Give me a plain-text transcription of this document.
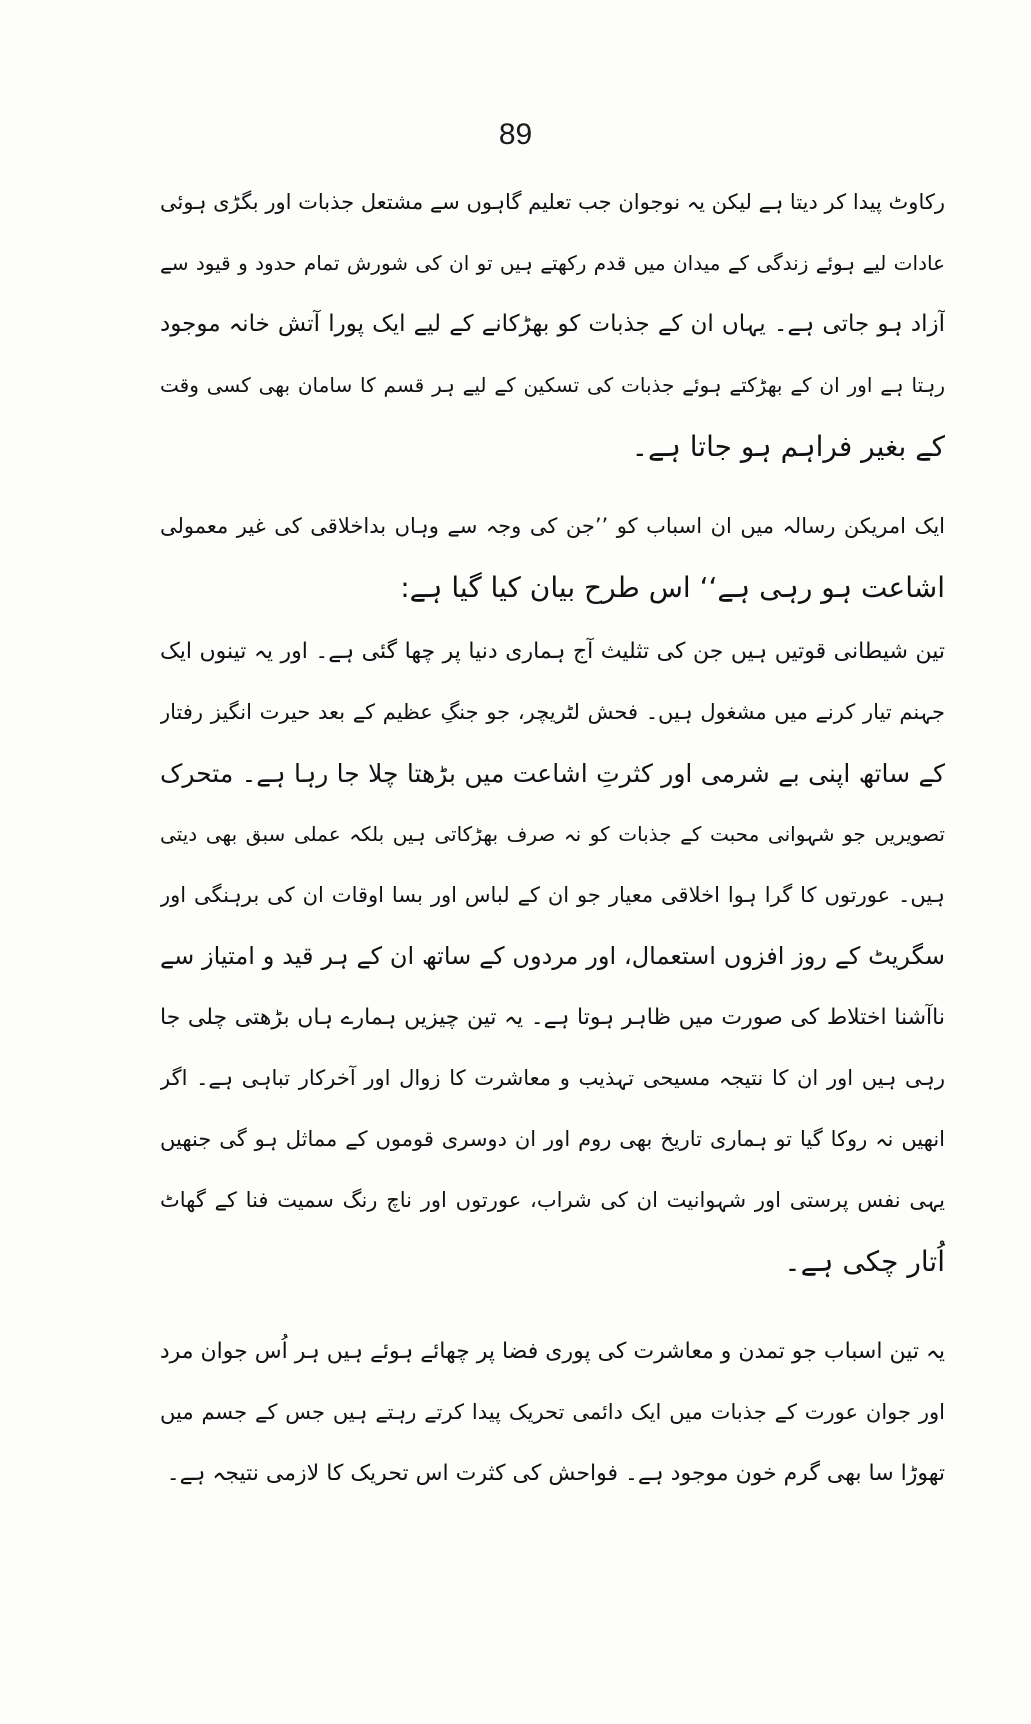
89
رکاوٹ پیدا کر دیتا ہے لیکن یہ نوجوان جب تعلیم گاہوں سے مشتعل جذبات اور بگڑی ہوئی
عادات لیے ہوئے زندگی کے میدان میں قدم رکھتے ہیں تو ان کی شورش تمام حدود و قیود سے
آزاد ہو جاتی ہے۔ یہاں ان کے جذبات کو بھڑکانے کے لیے ایک پورا آتش خانہ موجود
رہتا ہے اور ان کے بھڑکتے ہوئے جذبات کی تسکین کے لیے ہر قسم کا سامان بھی کسی وقت
کے بغیر فراہم ہو جاتا ہے۔
ایک امریکن رسالہ میں ان اسباب کو ’’جن کی وجہ سے وہاں بداخلاقی کی غیر معمولی
اشاعت ہو رہی ہے‘‘ اس طرح بیان کیا گیا ہے:
تین شیطانی قوتیں ہیں جن کی تثلیث آج ہماری دنیا پر چھا گئی ہے۔ اور یہ تینوں ایک
جہنم تیار کرنے میں مشغول ہیں۔ فحش لٹریچر، جو جنگِ عظیم کے بعد حیرت انگیز رفتار
کے ساتھ اپنی بے شرمی اور کثرتِ اشاعت میں بڑھتا چلا جا رہا ہے۔ متحرک
تصویریں جو شہوانی محبت کے جذبات کو نہ صرف بھڑکاتی ہیں بلکہ عملی سبق بھی دیتی
ہیں۔ عورتوں کا گرا ہوا اخلاقی معیار جو ان کے لباس اور بسا اوقات ان کی برہنگی اور
سگریٹ کے روز افزوں استعمال، اور مردوں کے ساتھ ان کے ہر قید و امتیاز سے
ناآشنا اختلاط کی صورت میں ظاہر ہوتا ہے۔ یہ تین چیزیں ہمارے ہاں بڑھتی چلی جا
رہی ہیں اور ان کا نتیجہ مسیحی تہذیب و معاشرت کا زوال اور آخرکار تباہی ہے۔ اگر
انھیں نہ روکا گیا تو ہماری تاریخ بھی روم اور ان دوسری قوموں کے مماثل ہو گی جنھیں
یہی نفس پرستی اور شہوانیت ان کی شراب، عورتوں اور ناچ رنگ سمیت فنا کے گھاٹ
اُتار چکی ہے۔
یہ تین اسباب جو تمدن و معاشرت کی پوری فضا پر چھائے ہوئے ہیں ہر اُس جوان مرد
اور جوان عورت کے جذبات میں ایک دائمی تحریک پیدا کرتے رہتے ہیں جس کے جسم میں
تھوڑا سا بھی گرم خون موجود ہے۔ فواحش کی کثرت اس تحریک کا لازمی نتیجہ ہے۔
